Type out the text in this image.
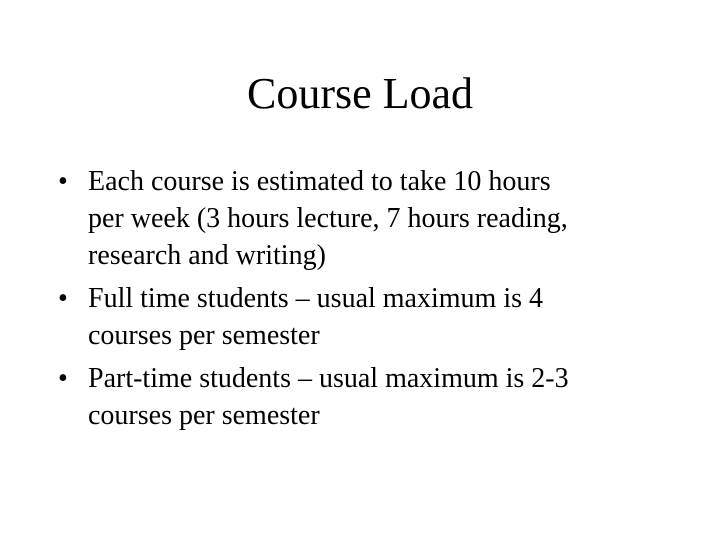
Course Load
• Each course is estimated to take 10 hours
per week (3 hours lecture, 7 hours reading,
research and writing)
• Full time students – usual maximum is 4
courses per semester
• Part-time students – usual maximum is 2-3
courses per semester
